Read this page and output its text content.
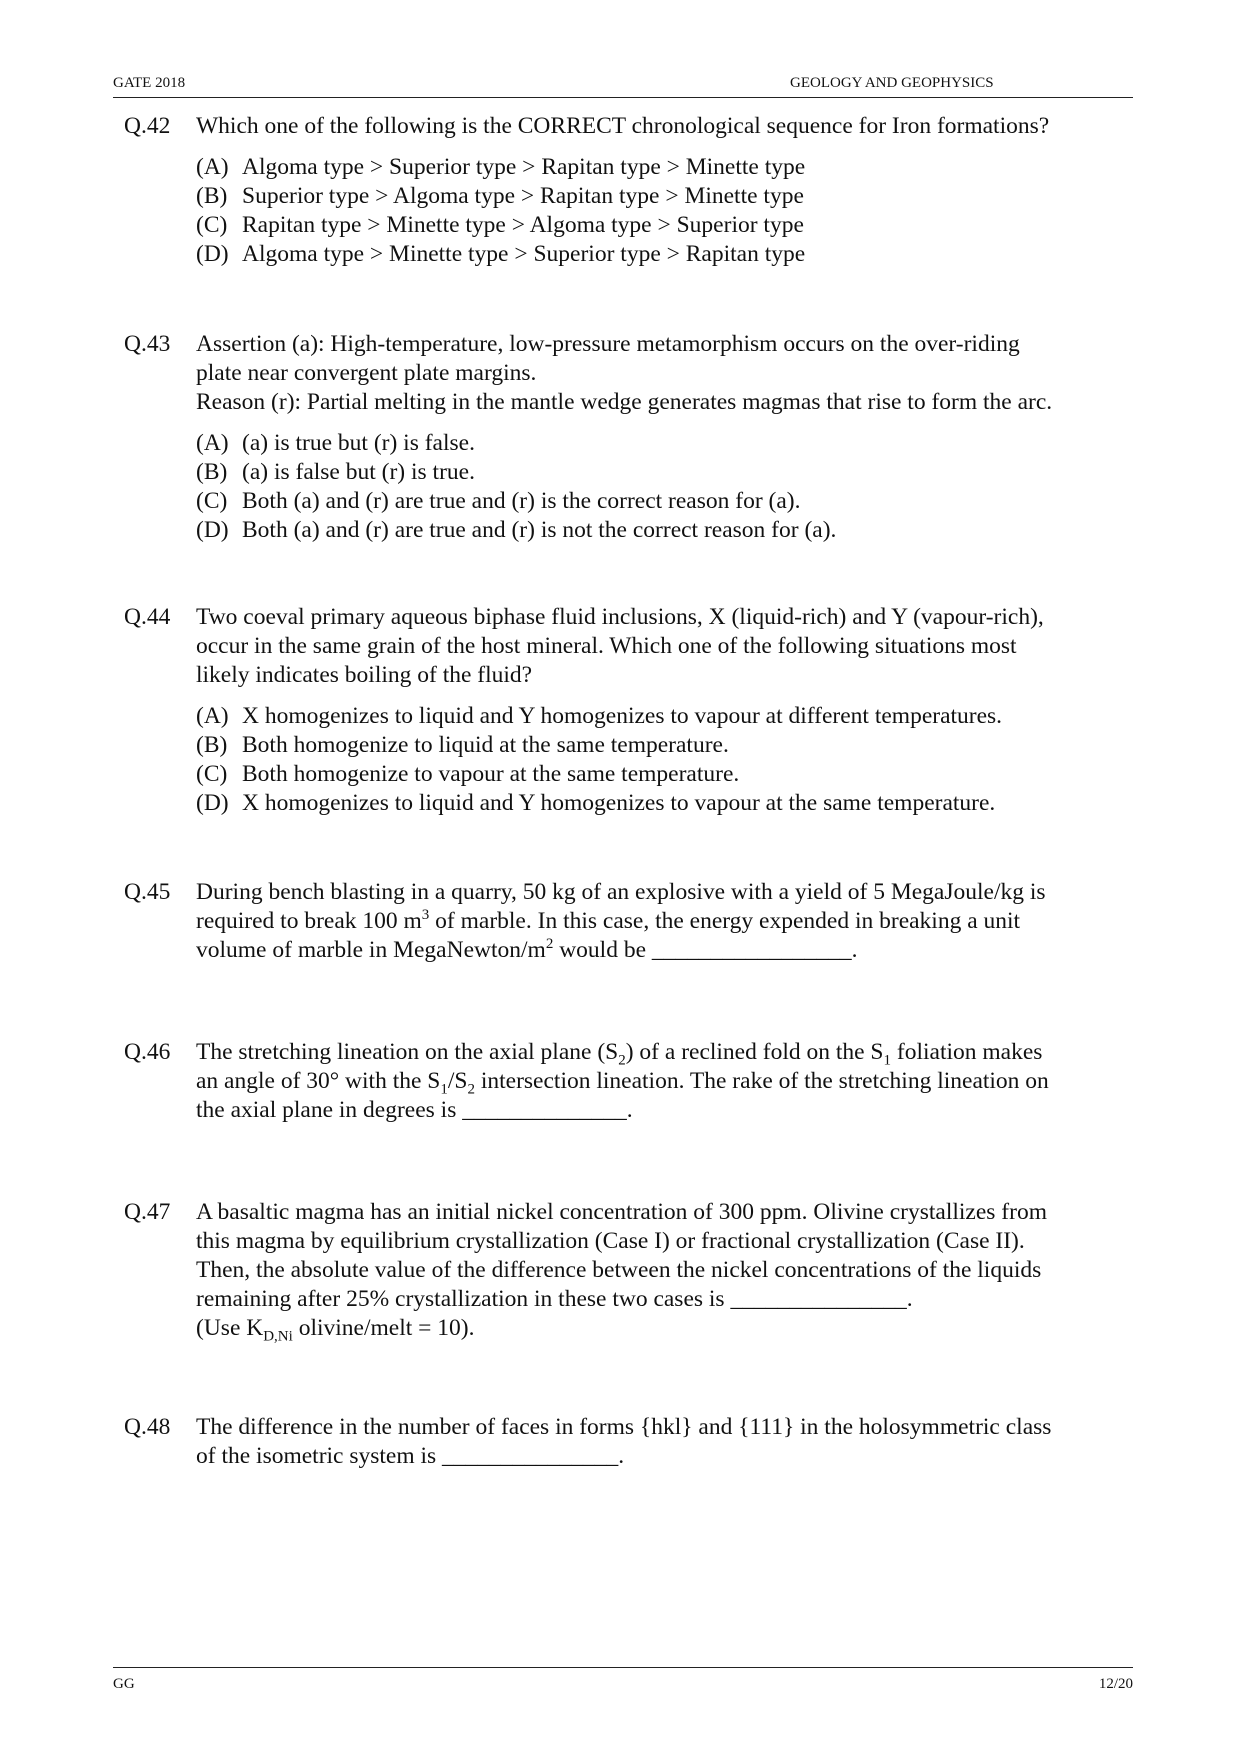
GATE 2018	GEOLOGY AND GEOPHYSICS
Q.42 Which one of the following is the CORRECT chronological sequence for Iron formations?
(A) Algoma type > Superior type > Rapitan type > Minette type
(B) Superior type > Algoma type > Rapitan type > Minette type
(C) Rapitan type > Minette type > Algoma type > Superior type
(D) Algoma type > Minette type > Superior type > Rapitan type
Q.43 Assertion (a): High-temperature, low-pressure metamorphism occurs on the over-riding
plate near convergent plate margins.
Reason (r): Partial melting in the mantle wedge generates magmas that rise to form the arc.
(A) (a) is true but (r) is false.
(B) (a) is false but (r) is true.
(C) Both (a) and (r) are true and (r) is the correct reason for (a).
(D) Both (a) and (r) are true and (r) is not the correct reason for (a).
Q.44 Two coeval primary aqueous biphase fluid inclusions, X (liquid-rich) and Y (vapour-rich),
occur in the same grain of the host mineral. Which one of the following situations most
likely indicates boiling of the fluid?
(A) X homogenizes to liquid and Y homogenizes to vapour at different temperatures.
(B) Both homogenize to liquid at the same temperature.
(C) Both homogenize to vapour at the same temperature.
(D) X homogenizes to liquid and Y homogenizes to vapour at the same temperature.
Q.45 During bench blasting in a quarry, 50 kg of an explosive with a yield of 5 MegaJoule/kg is
required to break 100 $m^3$ of marble. In this case, the energy expended in breaking a unit
volume of marble in MegaNewton/$m^2$ would be _________________.
Q.46 The stretching lineation on the axial plane $(S_2)$ of a reclined fold on the $S_1$ foliation makes
an angle of 30° with the $S_1/S_2$ intersection lineation. The rake of the stretching lineation on
the axial plane in degrees is ______________.
Q.47 A basaltic magma has an initial nickel concentration of 300 ppm. Olivine crystallizes from
this magma by equilibrium crystallization (Case I) or fractional crystallization (Case II).
Then, the absolute value of the difference between the nickel concentrations of the liquids
remaining after 25% crystallization in these two cases is _______________.
(Use $K_{D,Ni}$ olivine/melt = 10).
Q.48 The difference in the number of faces in forms {hkl} and {111} in the holosymmetric class
of the isometric system is _______________.
GG	12/20
